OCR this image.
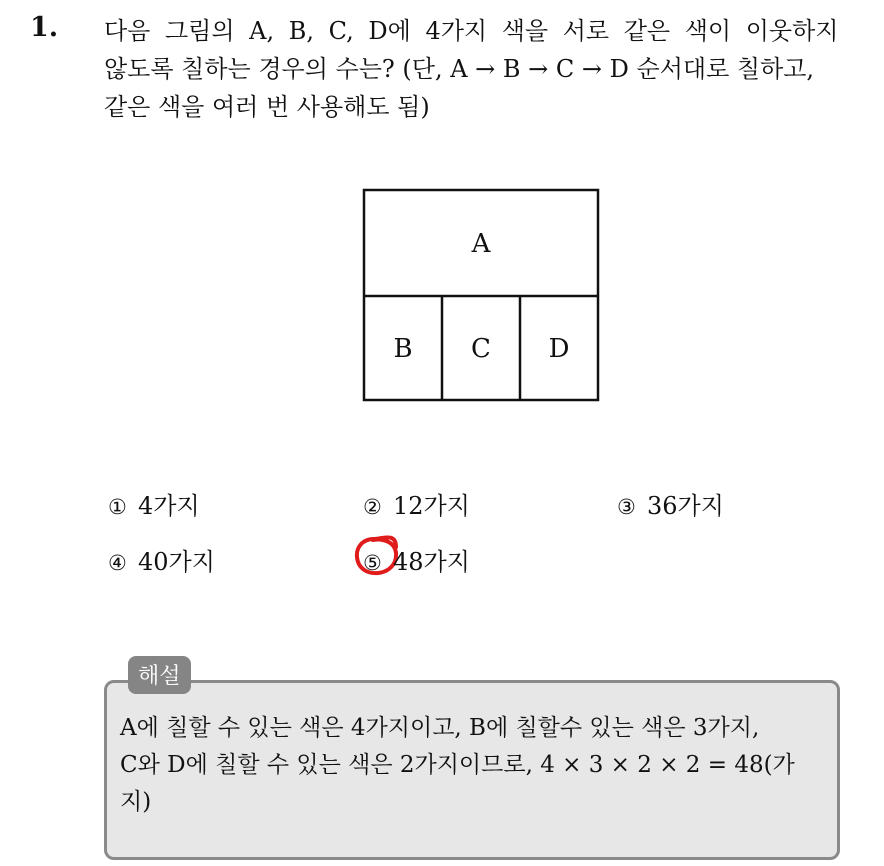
1. 다음 그림의 A, B, C, D에 4가지 색을 서로 같은 색이 이웃하지
않도록 칠하는 경우의 수는? (단, A → B → C → D 순서대로 칠하고,
같은 색을 여러 번 사용해도 됨)
A
B C D
① 4가지	② 12가지	③ 36가지
④ 40가지	⑤ 48가지
해설
A에 칠할 수 있는 색은 4가지이고, B에 칠할수 있는 색은 3가지,
C와 D에 칠할 수 있는 색은 2가지이므로, 4 × 3 × 2 × 2 = 48(가
지)
